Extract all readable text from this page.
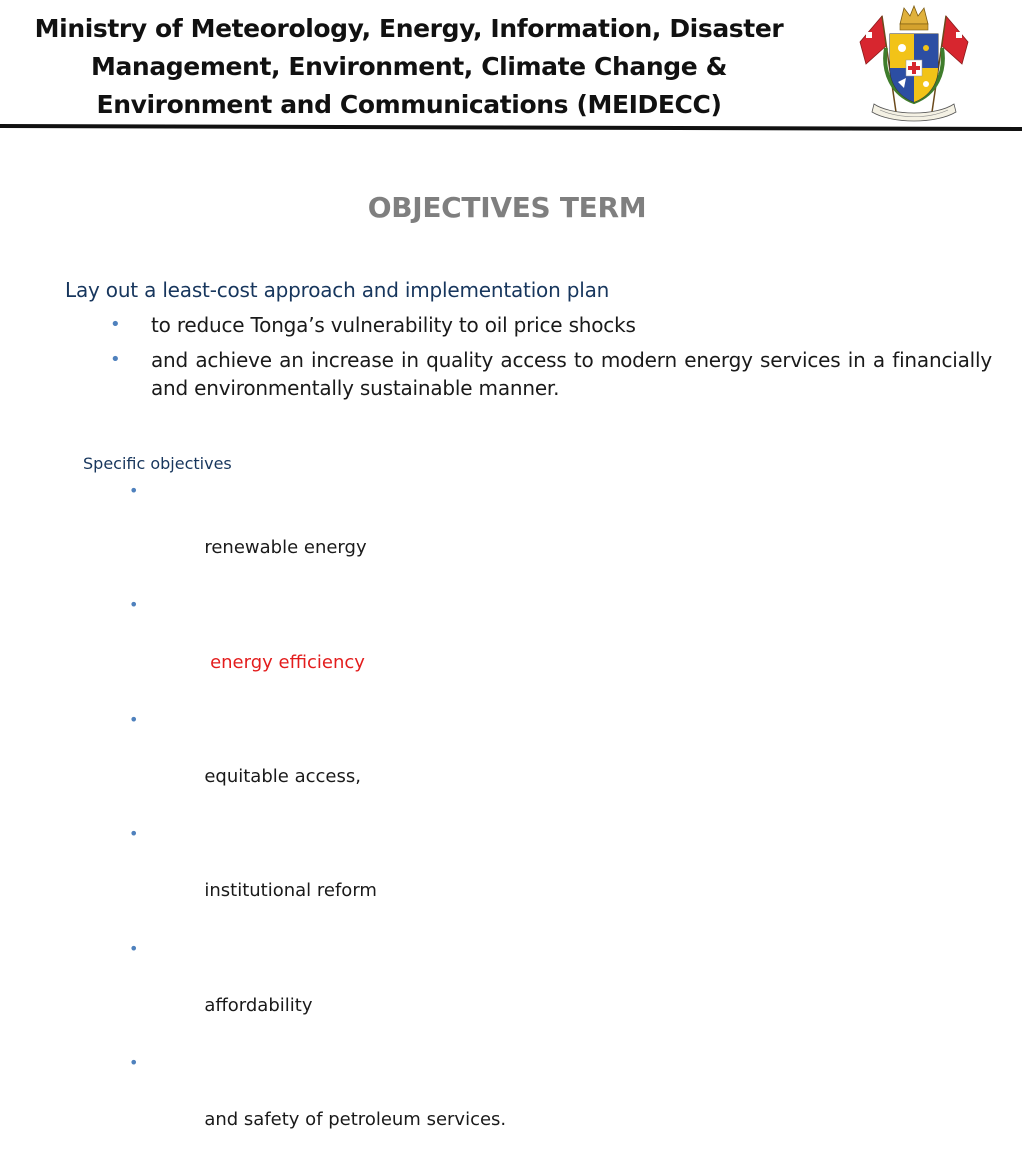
Ministry of Meteorology, Energy, Information, Disaster
Management, Environment, Climate Change &
Environment and Communications (MEIDECC)
OBJECTIVES TERM
Lay out a least-cost approach and implementation plan
• to reduce Tonga’s vulnerability to oil price shocks
• and achieve an increase in quality access to modern energy services in a financially and environmentally sustainable manner.
Specific objectives

•

renewable energy

•

energy efficiency

•

equitable access,

•

institutional reform

•

affordability

•

and safety of petroleum services.
